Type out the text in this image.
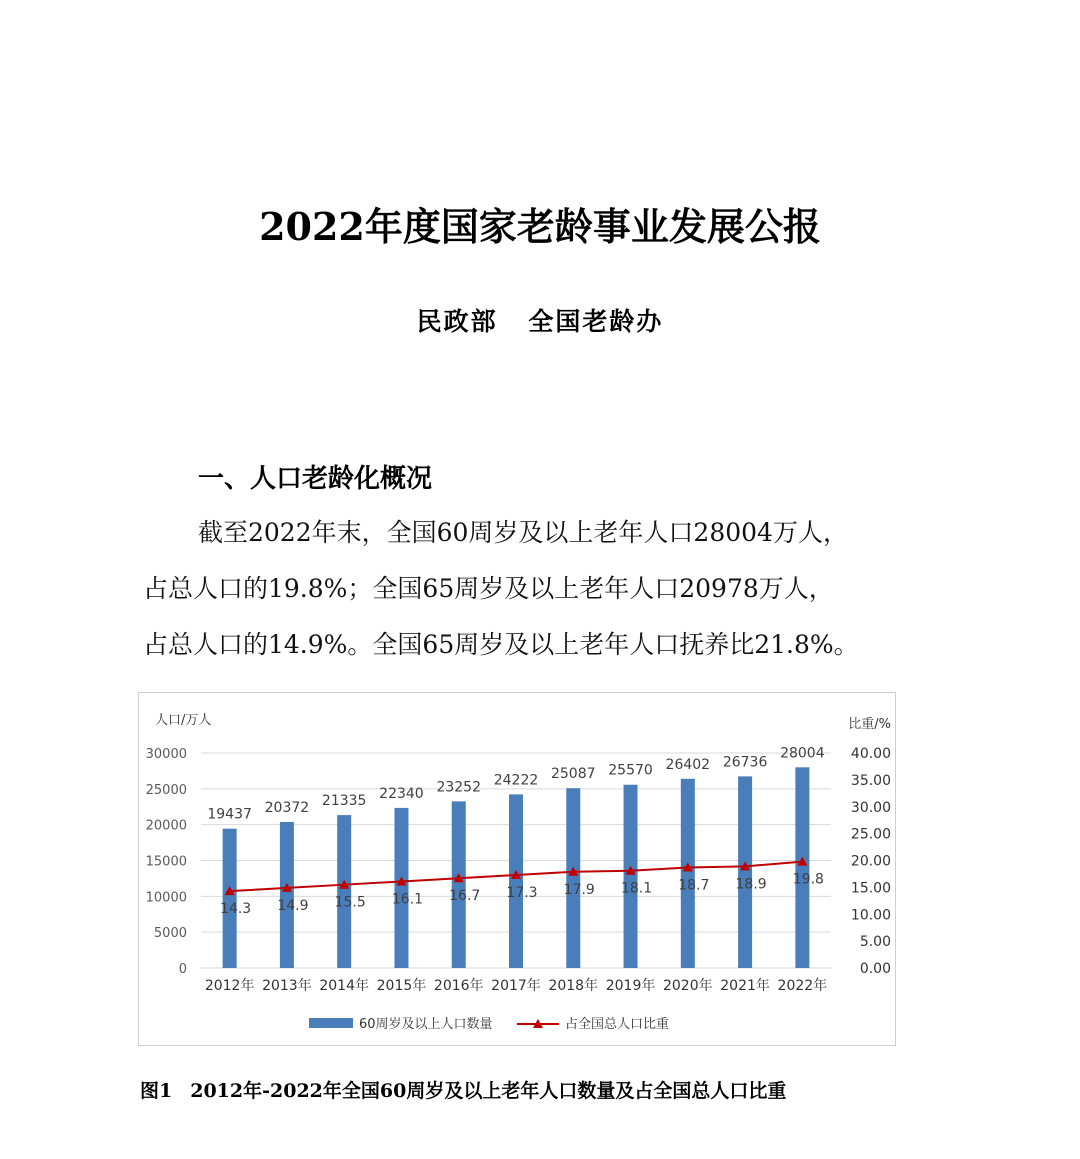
2022年度国家老龄事业发展公报
民政部 全国老龄办
一、人口老龄化概况

截至2022年末，全国60周岁及以上老年人口28004万人，

占总人口的19.8%；全国65周岁及以上老年人口20978万人，

占总人口的14.9%。全国65周岁及以上老年人口抚养比21.8%。

0
5000
10000
15000
20000
25000
30000
0.00
5.00
10.00
15.00
20.00
25.00
30.00
35.00
40.00
人口/万人	比重/%
19437 20372 21335 22340 23252 24222 25087 25570 26402 26736
28004
14.3 14.9 15.5 16.1 16.7 17.3 17.9 18.1 18.7 18.9 19.8
2012年 2013年 2014年 2015年 2016年 2017年 2018年 2019年 2020年 2021年 2022年
60周岁及以上人口数量	占全国总人口比重
图1 2012年-2022年全国60周岁及以上老年人口数量及占全国总人口比重
